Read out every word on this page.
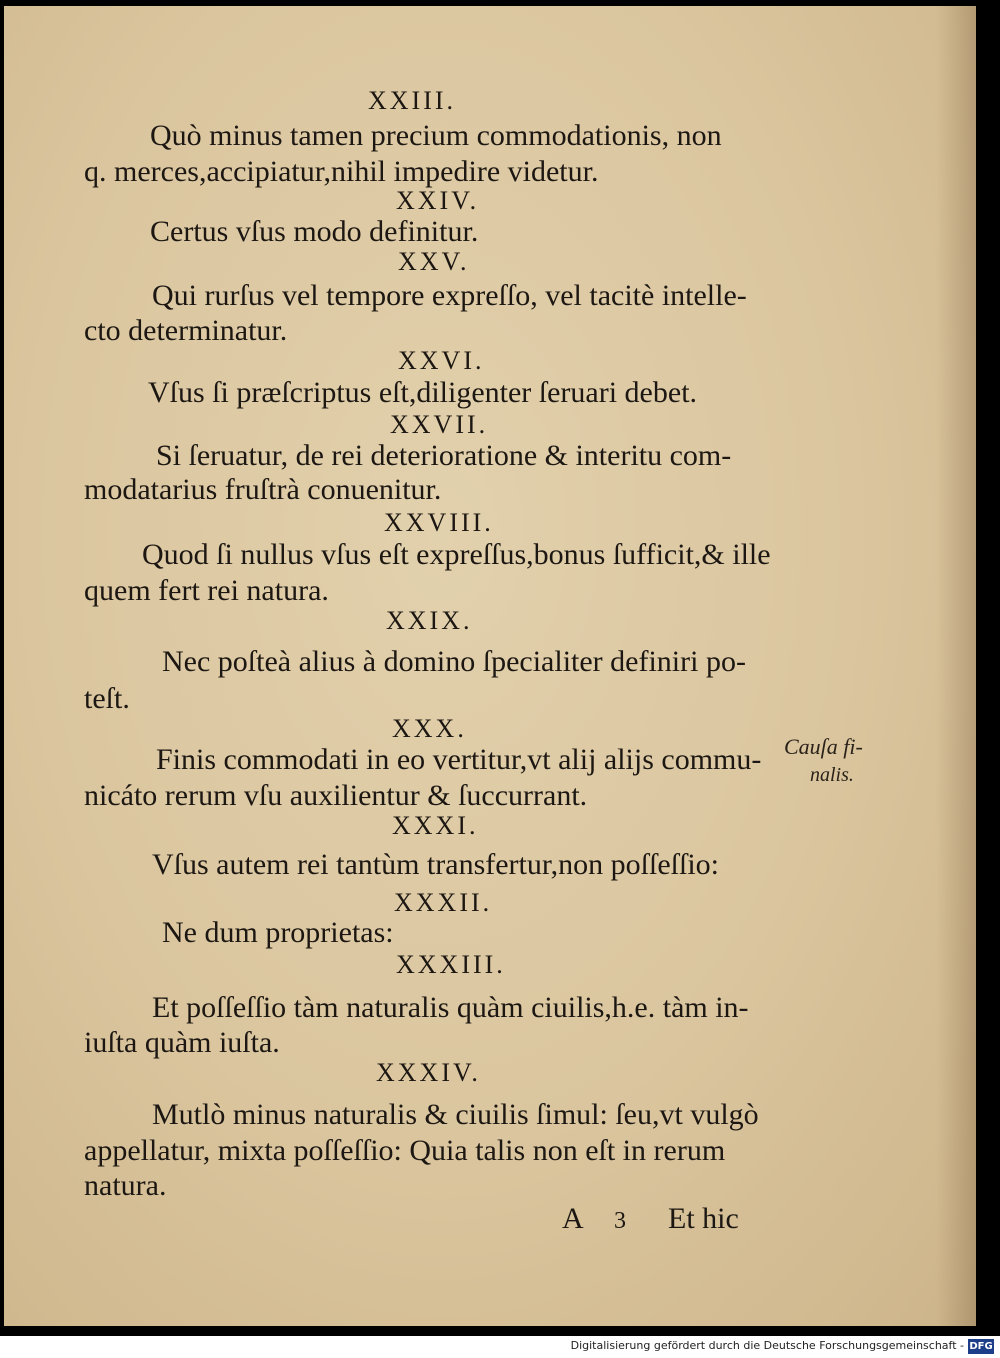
XXIII.
Quò minus tamen precium commodationis, non
q. merces,accipiatur,nihil impedire videtur.
XXIV.
Certus vſus modo definitur.
XXV.
Qui rurſus vel tempore expreſſo, vel tacitè intelle-
ctо determinatur.
XXVI.
Vſus ſi præſcriptus eſt,diligenter ſeruari debet.
XXVII.
Si ſeruatur, de rei deterioratione & interitu com-
modatarius fruſtrà conuenitur.
XXVIII.
Quod ſi nullus vſus eſt expreſſus,bonus ſufficit,& ille
quem fert rei natura.
XXIX.
Nec poſteà alius à domino ſpecialiter definiri po-
teſt.
XXX.
Finis commodati in eo vertitur,vt alij alijs commu-
nicáto rerum vſu auxilientur & ſuccurrant.
XXXI.
Vſus autem rei tantùm transfertur,non poſſeſſio:
XXXII.
Ne dum proprietas:
XXXIII.
Et poſſeſſio tàm naturalis quàm ciuilis,h.e. tàm in-
iuſta quàm iuſta.
XXXIV.
Mutlò minus naturalis & ciuilis ſimul: ſeu,vt vulgò
appellatur, mixta poſſeſſio: Quia talis non eſt in rerum
natura.
Cauſa fi-
nalis.
A 3 Et hic
Digitalisierung gefördert durch die Deutsche Forschungsgemeinschaft - DFG
